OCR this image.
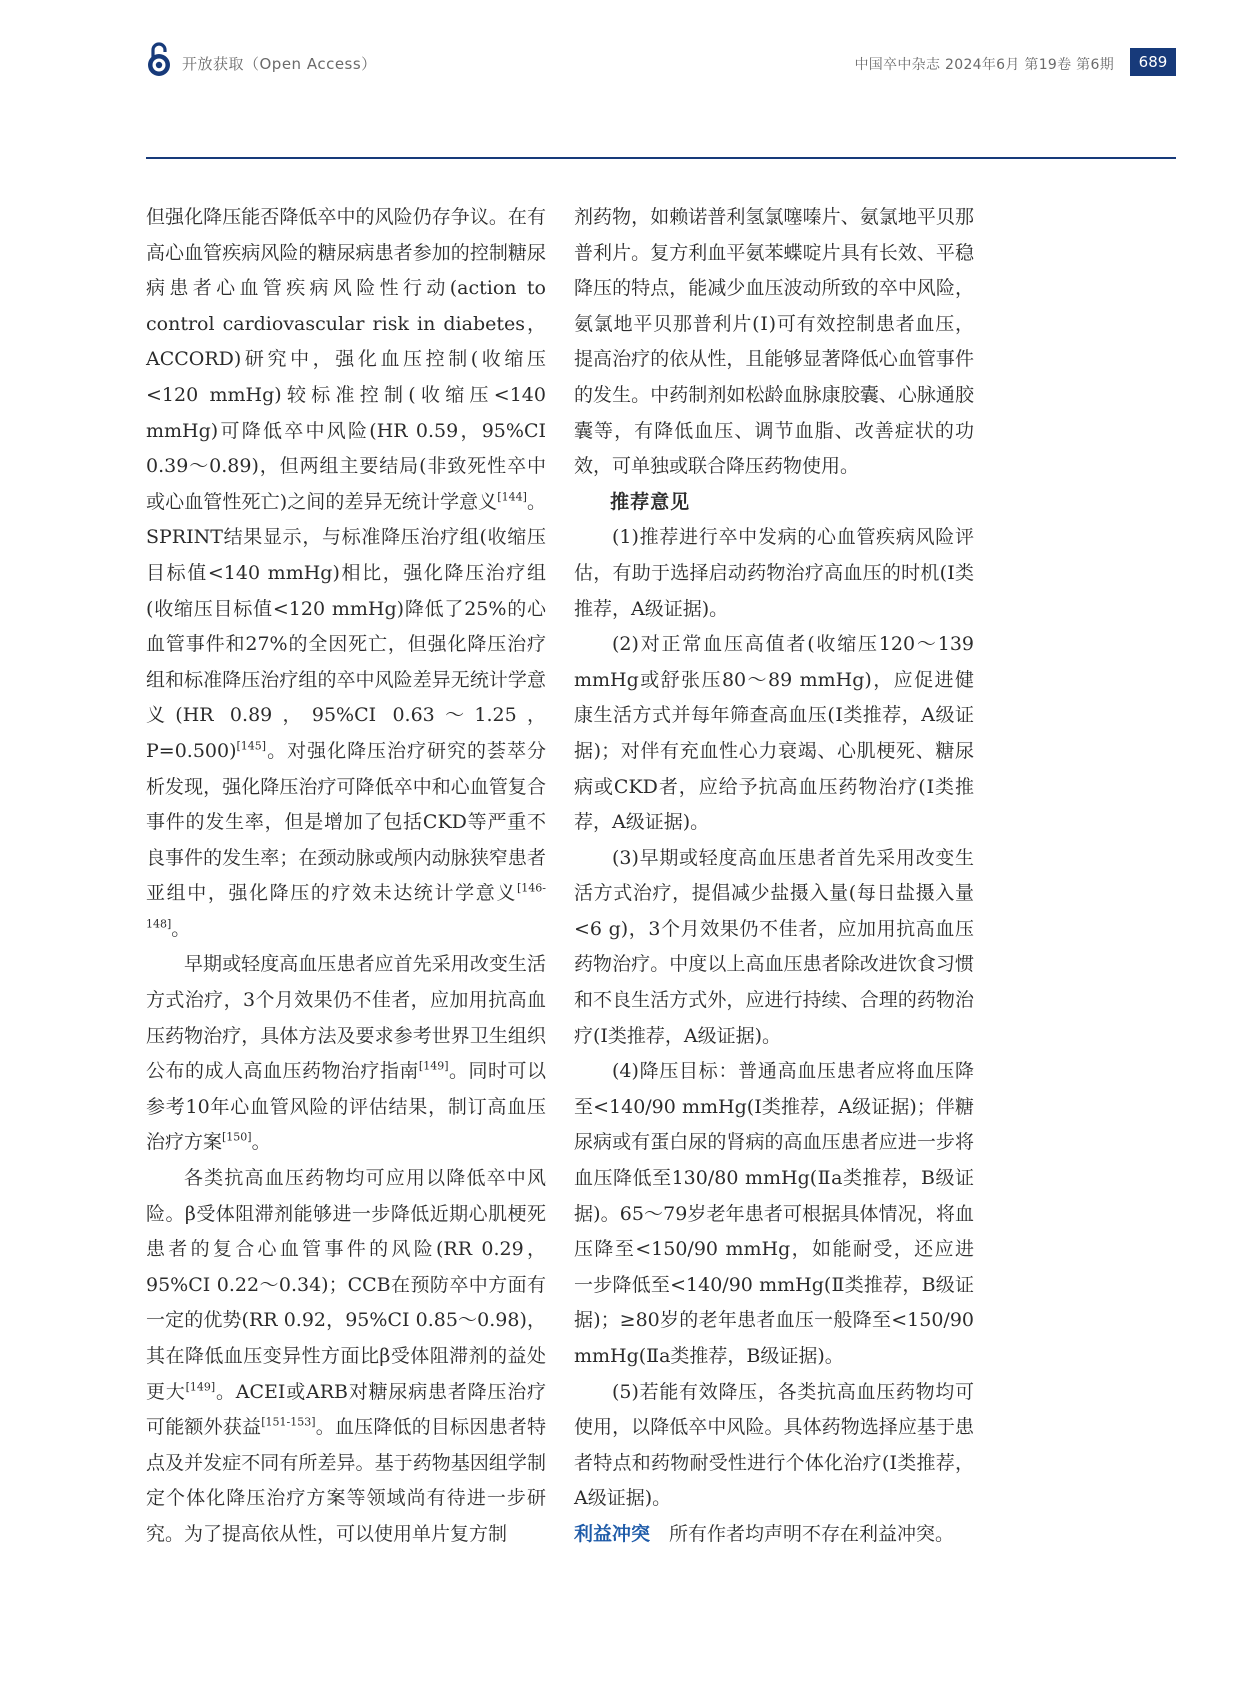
开放获取（Open Access）	中国卒中杂志 2024年6月 第19卷 第6期	689

但强化降压能否降低卒中的风险仍存争议。在有高心血管疾病风险的糖尿病患者参加的控制糖尿病患者心血管疾病风险性行动(action to control cardiovascular risk in diabetes，ACCORD)研究中，强化血压控制(收缩压<120 mmHg)较标准控制(收缩压<140 mmHg)可降低卒中风险(HR 0.59，95%CI 0.39～0.89)，但两组主要结局(非致死性卒中或心血管性死亡)之间的差异无统计学意义[144]。SPRINT结果显示，与标准降压治疗组(收缩压目标值<140 mmHg)相比，强化降压治疗组(收缩压目标值<120 mmHg)降低了25%的心血管事件和27%的全因死亡，但强化降压治疗组和标准降压治疗组的卒中风险差异无统计学意义(HR 0.89，95%CI 0.63～1.25，P=0.500)[145]。对强化降压治疗研究的荟萃分析发现，强化降压治疗可降低卒中和心血管复合事件的发生率，但是增加了包括CKD等严重不良事件的发生率；在颈动脉或颅内动脉狭窄患者亚组中，强化降压的疗效未达统计学意义[146-148]。

早期或轻度高血压患者应首先采用改变生活方式治疗，3个月效果仍不佳者，应加用抗高血压药物治疗，具体方法及要求参考世界卫生组织公布的成人高血压药物治疗指南[149]。同时可以参考10年心血管风险的评估结果，制订高血压治疗方案[150]。

各类抗高血压药物均可应用以降低卒中风险。β受体阻滞剂能够进一步降低近期心肌梗死患者的复合心血管事件的风险(RR 0.29，95%CI 0.22～0.34)；CCB在预防卒中方面有一定的优势(RR 0.92，95%CI 0.85～0.98)，其在降低血压变异性方面比β受体阻滞剂的益处更大[149]。ACEI或ARB对糖尿病患者降压治疗可能额外获益[151-153]。血压降低的目标因患者特点及并发症不同有所差异。基于药物基因组学制定个体化降压治疗方案等领域尚有待进一步研究。为了提高依从性，可以使用单片复方制

剂药物，如赖诺普利氢氯噻嗪片、氨氯地平贝那普利片。复方利血平氨苯蝶啶片具有长效、平稳降压的特点，能减少血压波动所致的卒中风险，氨氯地平贝那普利片(Ⅰ)可有效控制患者血压，提高治疗的依从性，且能够显著降低心血管事件的发生。中药制剂如松龄血脉康胶囊、心脉通胶囊等，有降低血压、调节血脂、改善症状的功效，可单独或联合降压药物使用。

推荐意见

(1)推荐进行卒中发病的心血管疾病风险评估，有助于选择启动药物治疗高血压的时机(Ⅰ类推荐，A级证据)。

(2)对正常血压高值者(收缩压120～139 mmHg或舒张压80～89 mmHg)，应促进健康生活方式并每年筛查高血压(Ⅰ类推荐，A级证据)；对伴有充血性心力衰竭、心肌梗死、糖尿病或CKD者，应给予抗高血压药物治疗(Ⅰ类推荐，A级证据)。

(3)早期或轻度高血压患者首先采用改变生活方式治疗，提倡减少盐摄入量(每日盐摄入量<6 g)，3个月效果仍不佳者，应加用抗高血压药物治疗。中度以上高血压患者除改进饮食习惯和不良生活方式外，应进行持续、合理的药物治疗(Ⅰ类推荐，A级证据)。

(4)降压目标：普通高血压患者应将血压降至<140/90 mmHg(Ⅰ类推荐，A级证据)；伴糖尿病或有蛋白尿的肾病的高血压患者应进一步将血压降低至130/80 mmHg(Ⅱa类推荐，B级证据)。65～79岁老年患者可根据具体情况，将血压降至<150/90 mmHg，如能耐受，还应进一步降低至<140/90 mmHg(Ⅱ类推荐，B级证据)；≥80岁的老年患者血压一般降至<150/90 mmHg(Ⅱa类推荐，B级证据)。

(5)若能有效降压，各类抗高血压药物均可使用，以降低卒中风险。具体药物选择应基于患者特点和药物耐受性进行个体化治疗(Ⅰ类推荐，A级证据)。

利益冲突 所有作者均声明不存在利益冲突。
